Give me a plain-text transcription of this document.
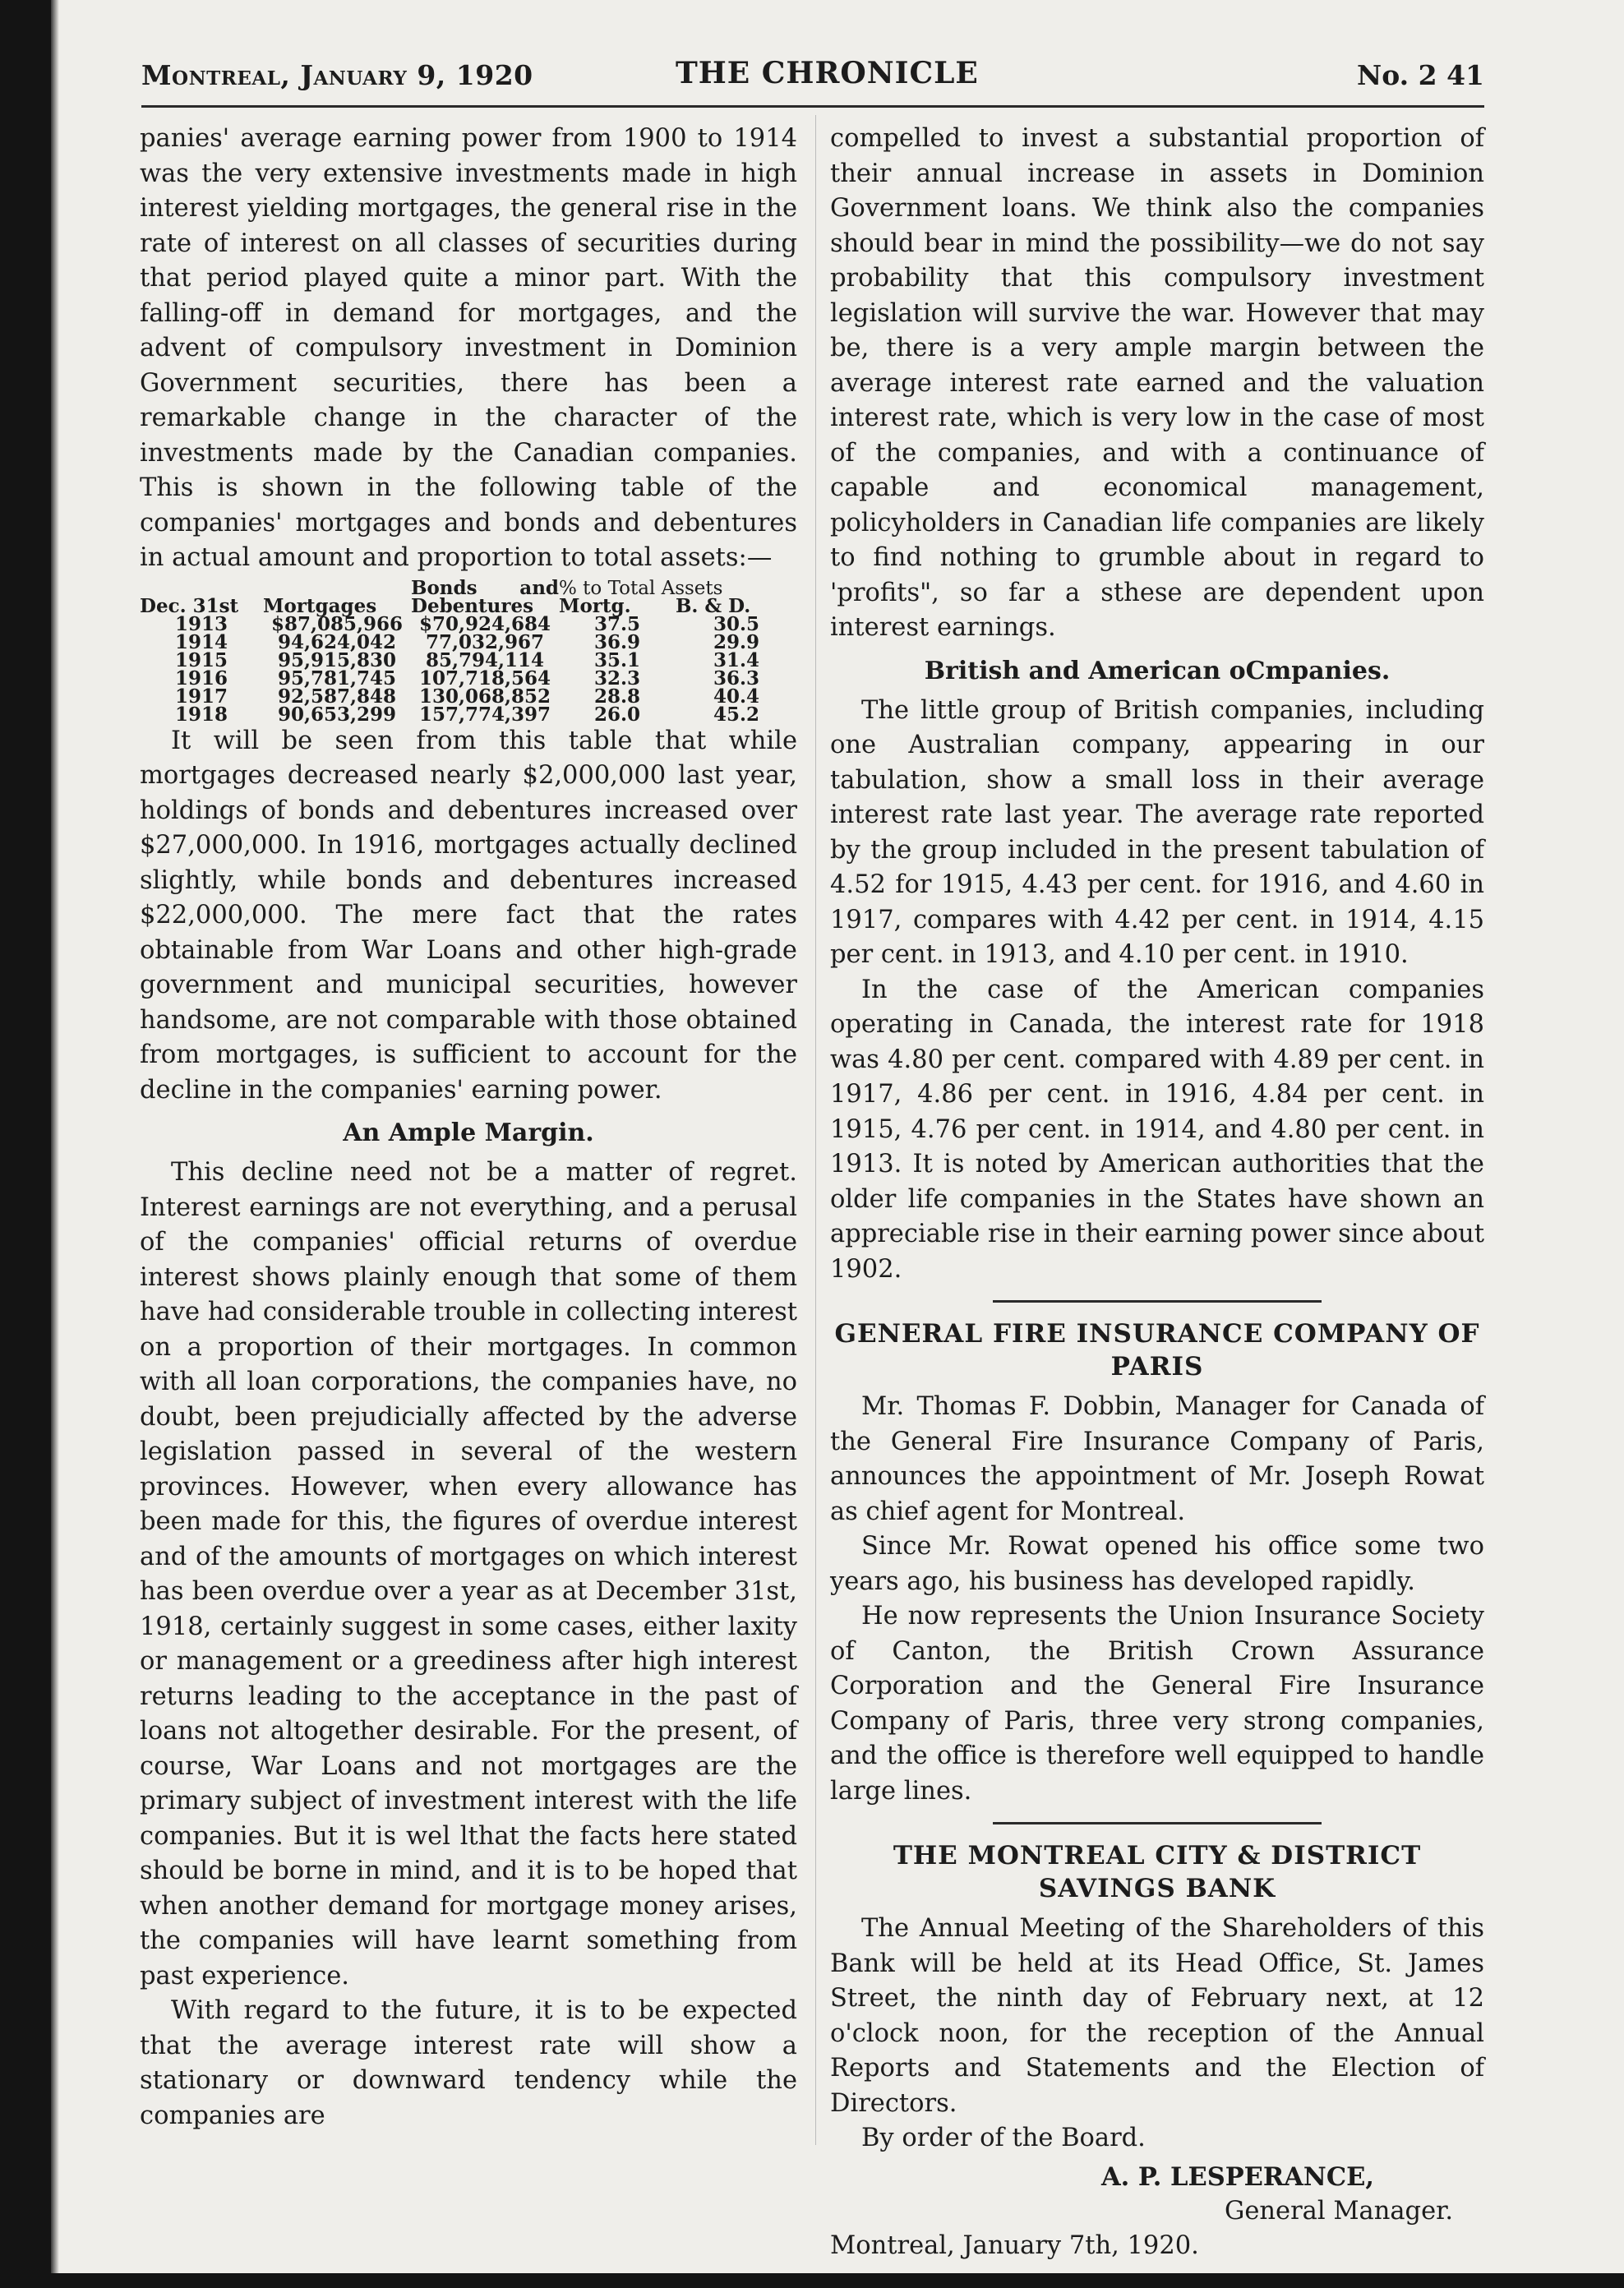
Montreal, January 9, 1920	THE CHRONICLE	No. 2 41

panies' average earning power from 1900 to 1914 was the very extensive investments made in high interest yielding mortgages, the general rise in the rate of interest on all classes of securities during that period played quite a minor part. With the falling-off in demand for mortgages, and the advent of compulsory investment in Dominion Government securities, there has been a remarkable change in the character of the investments made by the Canadian companies. This is shown in the following table of the companies' mortgages and bonds and debentures in actual amount and proportion to total assets:—

Dec. 31st	Mortgages	Bonds and Debentures	% to Total Assets	
			Mortg.	B. & D.
1913	$87,085,966	$70,924,684	37.5	30.5
1914	94,624,042	77,032,967	36.9	29.9
1915	95,915,830	85,794,114	35.1	31.4
1916	95,781,745	107,718,564	32.3	36.3
1917	92,587,848	130,068,852	28.8	40.4
1918	90,653,299	157,774,397	26.0	45.2

It will be seen from this table that while mortgages decreased nearly $2,000,000 last year, holdings of bonds and debentures increased over $27,000,000. In 1916, mortgages actually declined slightly, while bonds and debentures increased $22,000,000. The mere fact that the rates obtainable from War Loans and other high-grade government and municipal securities, however handsome, are not comparable with those obtained from mortgages, is sufficient to account for the decline in the companies' earning power.

An Ample Margin.

This decline need not be a matter of regret. Interest earnings are not everything, and a perusal of the companies' official returns of overdue interest shows plainly enough that some of them have had considerable trouble in collecting interest on a proportion of their mortgages. In common with all loan corporations, the companies have, no doubt, been prejudicially affected by the adverse legislation passed in several of the western provinces. However, when every allowance has been made for this, the figures of overdue interest and of the amounts of mortgages on which interest has been overdue over a year as at December 31st, 1918, certainly suggest in some cases, either laxity or management or a greediness after high interest returns leading to the acceptance in the past of loans not altogether desirable. For the present, of course, War Loans and not mortgages are the primary subject of investment interest with the life companies. But it is wel lthat the facts here stated should be borne in mind, and it is to be hoped that when another demand for mortgage money arises, the companies will have learnt something from past experience.

With regard to the future, it is to be expected that the average interest rate will show a stationary or downward tendency while the companies are

compelled to invest a substantial proportion of their annual increase in assets in Dominion Government loans. We think also the companies should bear in mind the possibility—we do not say probability that this compulsory investment legislation will survive the war. However that may be, there is a very ample margin between the average interest rate earned and the valuation interest rate, which is very low in the case of most of the companies, and with a continuance of capable and economical management, policyholders in Canadian life companies are likely to find nothing to grumble about in regard to 'profits", so far a sthese are dependent upon interest earnings.

British and American oCmpanies.

The little group of British companies, including one Australian company, appearing in our tabulation, show a small loss in their average interest rate last year. The average rate reported by the group included in the present tabulation of 4.52 for 1915, 4.43 per cent. for 1916, and 4.60 in 1917, compares with 4.42 per cent. in 1914, 4.15 per cent. in 1913, and 4.10 per cent. in 1910.

In the case of the American companies operating in Canada, the interest rate for 1918 was 4.80 per cent. compared with 4.89 per cent. in 1917, 4.86 per cent. in 1916, 4.84 per cent. in 1915, 4.76 per cent. in 1914, and 4.80 per cent. in 1913. It is noted by American authorities that the older life companies in the States have shown an appreciable rise in their earning power since about 1902.

GENERAL FIRE INSURANCE COMPANY OF PARIS

Mr. Thomas F. Dobbin, Manager for Canada of the General Fire Insurance Company of Paris, announces the appointment of Mr. Joseph Rowat as chief agent for Montreal.

Since Mr. Rowat opened his office some two years ago, his business has developed rapidly.

He now represents the Union Insurance Society of Canton, the British Crown Assurance Corporation and the General Fire Insurance Company of Paris, three very strong companies, and the office is therefore well equipped to handle large lines.

THE MONTREAL CITY & DISTRICT SAVINGS BANK

The Annual Meeting of the Shareholders of this Bank will be held at its Head Office, St. James Street, the ninth day of February next, at 12 o'clock noon, for the reception of the Annual Reports and Statements and the Election of Directors.

By order of the Board.

A. P. LESPERANCE,
General Manager.

Montreal, January 7th, 1920.
